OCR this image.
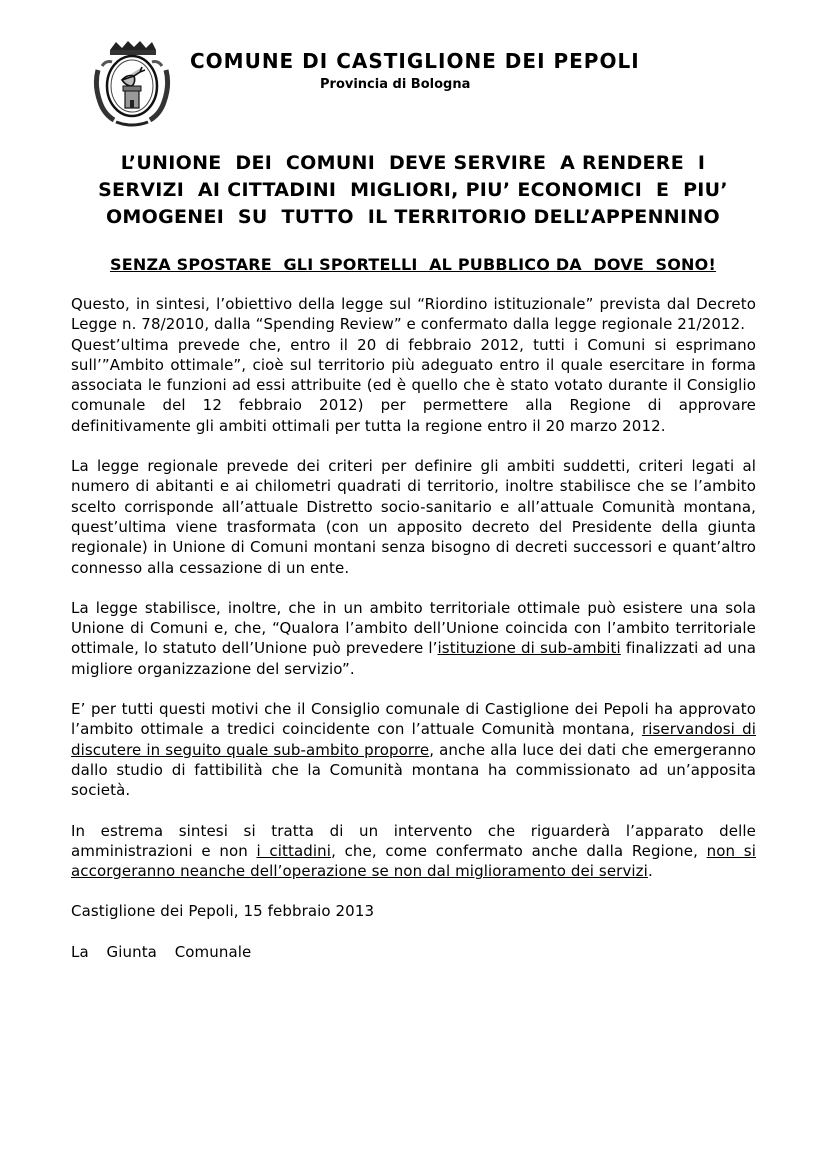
COMUNE DI CASTIGLIONE DEI PEPOLI

Provincia di Bologna

L’UNIONE  DEI  COMUNI  DEVE SERVIRE  A RENDERE  I
SERVIZI  AI CITTADINI  MIGLIORI, PIU’ ECONOMICI  E  PIU’
OMOGENEI  SU  TUTTO  IL TERRITORIO DELL’APPENNINO
SENZA SPOSTARE  GLI SPORTELLI  AL PUBBLICO DA  DOVE  SONO!

Questo, in sintesi, l’obiettivo della legge sul “Riordino istituzionale” prevista dal Decreto Legge n. 78/2010, dalla “Spending Review” e confermato dalla legge regionale 21/2012.

Quest’ultima prevede che, entro il 20 di febbraio 2012, tutti i Comuni si esprimano sull’”Ambito ottimale”, cioè sul territorio più adeguato entro il quale esercitare in forma associata le funzioni ad essi attribuite (ed è quello che è stato votato durante il Consiglio comunale del 12 febbraio 2012) per permettere alla Regione di approvare definitivamente gli ambiti ottimali per tutta la regione entro il 20 marzo 2012.

La legge regionale prevede dei criteri per definire gli ambiti suddetti, criteri legati al numero di abitanti e ai chilometri quadrati di territorio, inoltre stabilisce che se l’ambito scelto corrisponde all’attuale Distretto socio-sanitario e all’attuale Comunità montana, quest’ultima viene trasformata (con un apposito decreto del Presidente della giunta regionale) in Unione di Comuni montani senza bisogno di decreti successori e quant’altro connesso alla cessazione di un ente.

La legge stabilisce, inoltre, che in un ambito territoriale ottimale può esistere una sola Unione di Comuni e, che, “Qualora l’ambito dell’Unione coincida con l’ambito territoriale ottimale, lo statuto dell’Unione può prevedere l’istituzione di sub-ambiti finalizzati ad una migliore organizzazione del servizio”.

E’ per tutti questi motivi che il Consiglio comunale di Castiglione dei Pepoli ha approvato l’ambito ottimale a tredici coincidente con l’attuale Comunità montana, riservandosi di discutere in seguito quale sub-ambito proporre, anche alla luce dei dati che emergeranno dallo studio di fattibilità che la Comunità montana ha commissionato ad un’apposita società.

In estrema sintesi si tratta di un intervento che riguarderà l’apparato delle amministrazioni e non i cittadini, che, come confermato anche dalla Regione, non si accorgeranno neanche dell’operazione se non dal miglioramento dei servizi.

Castiglione dei Pepoli, 15 febbraio 2013

La  Giunta  Comunale
